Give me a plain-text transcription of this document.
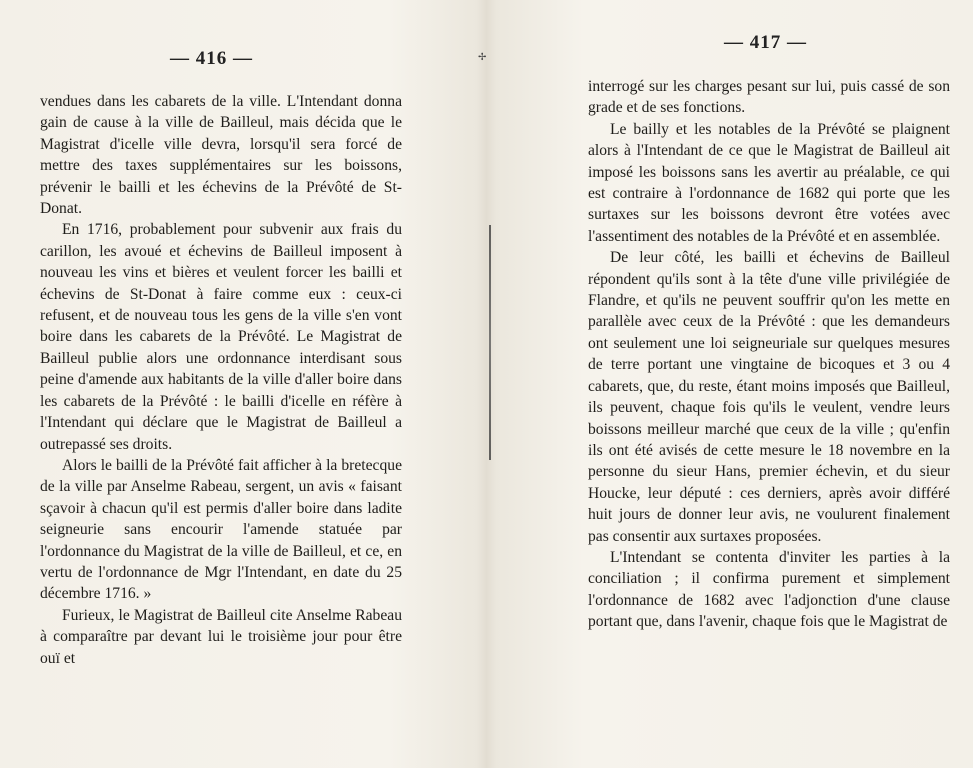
✢
— 416 —

vendues dans les cabarets de la ville. L'Intendant donna gain de cause à la ville de Bailleul, mais décida que le Magistrat d'icelle ville devra, lorsqu'il sera forcé de mettre des taxes supplémentaires sur les boissons, prévenir le bailli et les échevins de la Prévôté de St-Donat.

En 1716, probablement pour subvenir aux frais du carillon, les avoué et échevins de Bailleul imposent à nouveau les vins et bières et veulent forcer les bailli et échevins de St-Donat à faire comme eux : ceux-ci refusent, et de nouveau tous les gens de la ville s'en vont boire dans les cabarets de la Prévôté. Le Magistrat de Bailleul publie alors une ordonnance interdisant sous peine d'amende aux habitants de la ville d'aller boire dans les cabarets de la Prévôté : le bailli d'icelle en réfère à l'Intendant qui déclare que le Magistrat de Bailleul a outrepassé ses droits.

Alors le bailli de la Prévôté fait afficher à la bretecque de la ville par Anselme Rabeau, sergent, un avis « faisant sçavoir à chacun qu'il est permis d'aller boire dans ladite seigneurie sans encourir l'amende statuée par l'ordonnance du Magistrat de la ville de Bailleul, et ce, en vertu de l'ordonnance de Mgr l'Intendant, en date du 25 décembre 1716. »

Furieux, le Magistrat de Bailleul cite Anselme Rabeau à comparaître par devant lui le troisième jour pour être ouï et

— 417 —

interrogé sur les charges pesant sur lui, puis cassé de son grade et de ses fonctions.

Le bailly et les notables de la Prévôté se plaignent alors à l'Intendant de ce que le Magistrat de Bailleul ait imposé les boissons sans les avertir au préalable, ce qui est contraire à l'ordonnance de 1682 qui porte que les surtaxes sur les boissons devront être votées avec l'assentiment des notables de la Prévôté et en assemblée.

De leur côté, les bailli et échevins de Bailleul répondent qu'ils sont à la tête d'une ville privilégiée de Flandre, et qu'ils ne peuvent souffrir qu'on les mette en parallèle avec ceux de la Prévôté : que les demandeurs ont seulement une loi seigneuriale sur quelques mesures de terre portant une vingtaine de bicoques et 3 ou 4 cabarets, que, du reste, étant moins imposés que Bailleul, ils peuvent, chaque fois qu'ils le veulent, vendre leurs boissons meilleur marché que ceux de la ville ; qu'enfin ils ont été avisés de cette mesure le 18 novembre en la personne du sieur Hans, premier échevin, et du sieur Houcke, leur député : ces derniers, après avoir différé huit jours de donner leur avis, ne voulurent finalement pas consentir aux surtaxes proposées.

L'Intendant se contenta d'inviter les parties à la conciliation ; il confirma purement et simplement l'ordonnance de 1682 avec l'adjonction d'une clause portant que, dans l'avenir, chaque fois que le Magistrat de
